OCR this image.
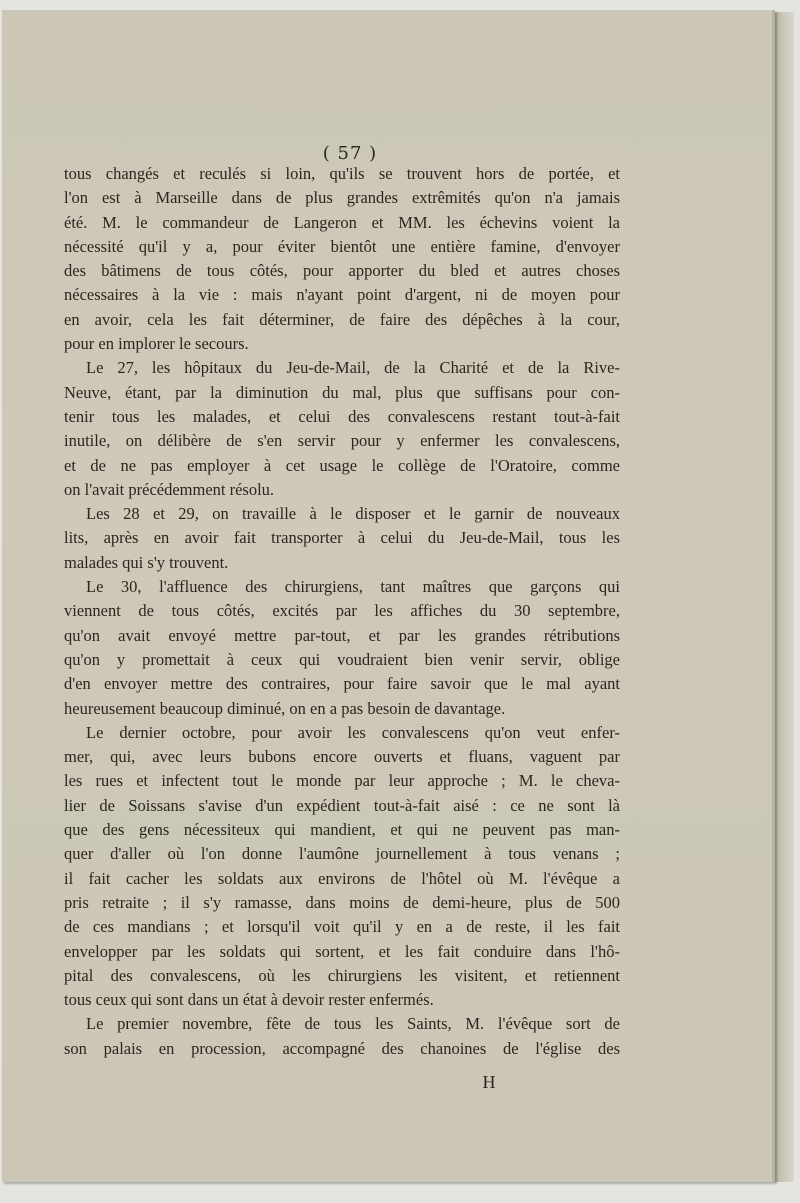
( 57 )

tous changés et reculés si loin, qu'ils se trouvent hors de portée, et
l'on est à Marseille dans de plus grandes extrêmités qu'on n'a jamais
été. M. le commandeur de Langeron et MM. les échevins voient la
nécessité qu'il y a, pour éviter bientôt une entière famine, d'envoyer
des bâtimens de tous côtés, pour apporter du bled et autres choses
nécessaires à la vie : mais n'ayant point d'argent, ni de moyen pour
en avoir, cela les fait déterminer, de faire des dépêches à la cour,
pour en implorer le secours.

Le 27, les hôpitaux du Jeu-de-Mail, de la Charité et de la Rive-
Neuve, étant, par la diminution du mal, plus que suffisans pour con-
tenir tous les malades, et celui des convalescens restant tout-à-fait
inutile, on délibère de s'en servir pour y enfermer les convalescens,
et de ne pas employer à cet usage le collège de l'Oratoire, comme
on l'avait précédemment résolu.

Les 28 et 29, on travaille à le disposer et le garnir de nouveaux
lits, après en avoir fait transporter à celui du Jeu-de-Mail, tous les
malades qui s'y trouvent.

Le 30, l'affluence des chirurgiens, tant maîtres que garçons qui
viennent de tous côtés, excités par les affiches du 30 septembre,
qu'on avait envoyé mettre par-tout, et par les grandes rétributions
qu'on y promettait à ceux qui voudraient bien venir servir, oblige
d'en envoyer mettre des contraires, pour faire savoir que le mal ayant
heureusement beaucoup diminué, on en a pas besoin de davantage.

Le dernier octobre, pour avoir les convalescens qu'on veut enfer-
mer, qui, avec leurs bubons encore ouverts et fluans, vaguent par
les rues et infectent tout le monde par leur approche ; M. le cheva-
lier de Soissans s'avise d'un expédient tout-à-fait aisé : ce ne sont là
que des gens nécessiteux qui mandient, et qui ne peuvent pas man-
quer d'aller où l'on donne l'aumône journellement à tous venans ;
il fait cacher les soldats aux environs de l'hôtel où M. l'évêque a
pris retraite ; il s'y ramasse, dans moins de demi-heure, plus de 500
de ces mandians ; et lorsqu'il voit qu'il y en a de reste, il les fait
envelopper par les soldats qui sortent, et les fait conduire dans l'hô-
pital des convalescens, où les chirurgiens les visitent, et retiennent
tous ceux qui sont dans un état à devoir rester enfermés.

Le premier novembre, fête de tous les Saints, M. l'évêque sort de
son palais en procession, accompagné des chanoines de l'église des

H
